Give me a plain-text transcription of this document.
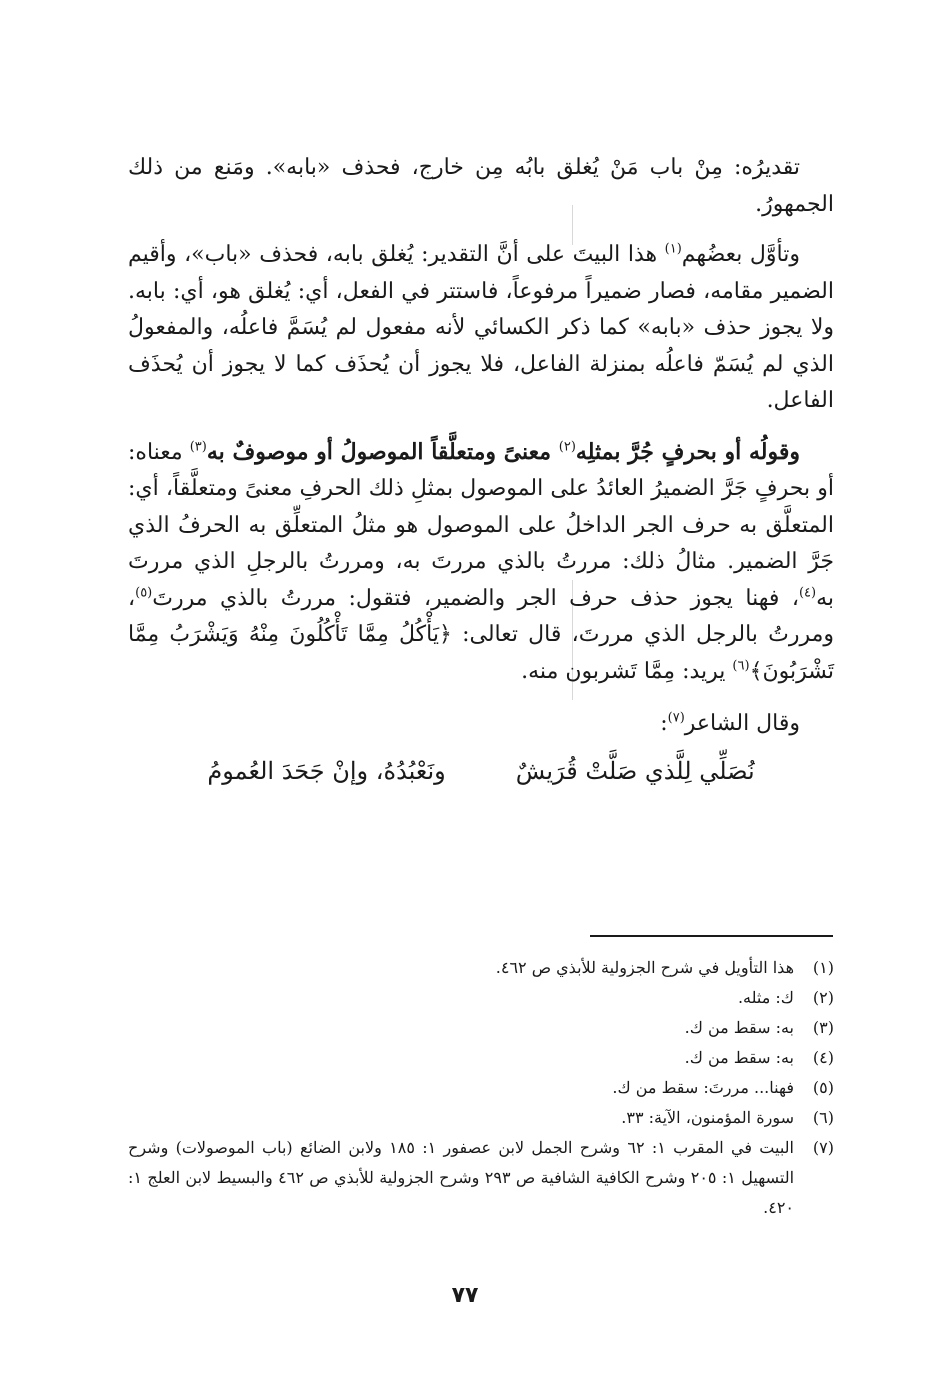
تقديرُه: مِنْ باب مَنْ يُغلق بابُه مِن خارج، فحذف «بابه». ومَنع من ذلك الجمهورُ.

وتأوَّل بعضُهم$^{(١)}$ هذا البيتَ على أنَّ التقدير: يُغلق بابه، فحذف «باب»، وأقيم الضمير مقامه، فصار ضميراً مرفوعاً، فاستتر في الفعل، أي: يُغلق هو، أي: بابه. ولا يجوز حذف «بابه» كما ذكر الكسائي لأنه مفعول لم يُسَمَّ فاعلُه، والمفعولُ الذي لم يُسَمّ فاعلُه بمنزلة الفاعل، فلا يجوز أن يُحذَف كما لا يجوز أن يُحذَف الفاعل.

وقولُه أو بحرفٍ جُرَّ بمثلِه$^{(٢)}$ معنىً ومتعلَّقاً الموصولُ أو موصوفٌ به$^{(٣)}$ معناه: أو بحرفٍ جَرَّ الضميرُ العائدُ على الموصول بمثلِ ذلك الحرفِ معنىً ومتعلَّقاً، أي: المتعلَّق به حرف الجر الداخلُ على الموصول هو مثلُ المتعلِّق به الحرفُ الذي جَرَّ الضمير. مثالُ ذلك: مررتُ بالذي مررتَ به، ومررتُ بالرجلِ الذي مررتَ به$^{(٤)}$، فهنا يجوز حذف حرف الجر والضمير، فتقول: مررتُ بالذي مررتَ$^{(٥)}$، ومررتُ بالرجل الذي مررتَ، قال تعالى: ﴿يَأْكُلُ مِمَّا تَأْكُلُونَ مِنْهُ وَيَشْرَبُ مِمَّا تَشْرَبُونَ﴾$^{(٦)}$ يريد: مِمَّا تَشربون منه.

وقال الشاعر$^{(٧)}$:

نُصَلِّي لِلَّذي صَلَّتْ قُرَيشٌ
ونَعْبُدُهُ، وإنْ جَحَدَ العُمومُ
(١)
هذا التأويل في شرح الجزولية للأبذي ص ٤٦٢.
(٢)
ك: مثله.
(٣)
به: سقط من ك.
(٤)
به: سقط من ك.
(٥)
فهنا... مررتَ: سقط من ك.
(٦)
سورة المؤمنون، الآية: ٣٣.
(٧)
البيت في المقرب ١: ٦٢ وشرح الجمل لابن عصفور ١: ١٨٥ ولابن الضائع (باب الموصولات) وشرح التسهيل ١: ٢٠٥ وشرح الكافية الشافية ص ٢٩٣ وشرح الجزولية للأبذي ص ٤٦٢ والبسيط لابن العلج ١: ٤٢٠.
٧٧
